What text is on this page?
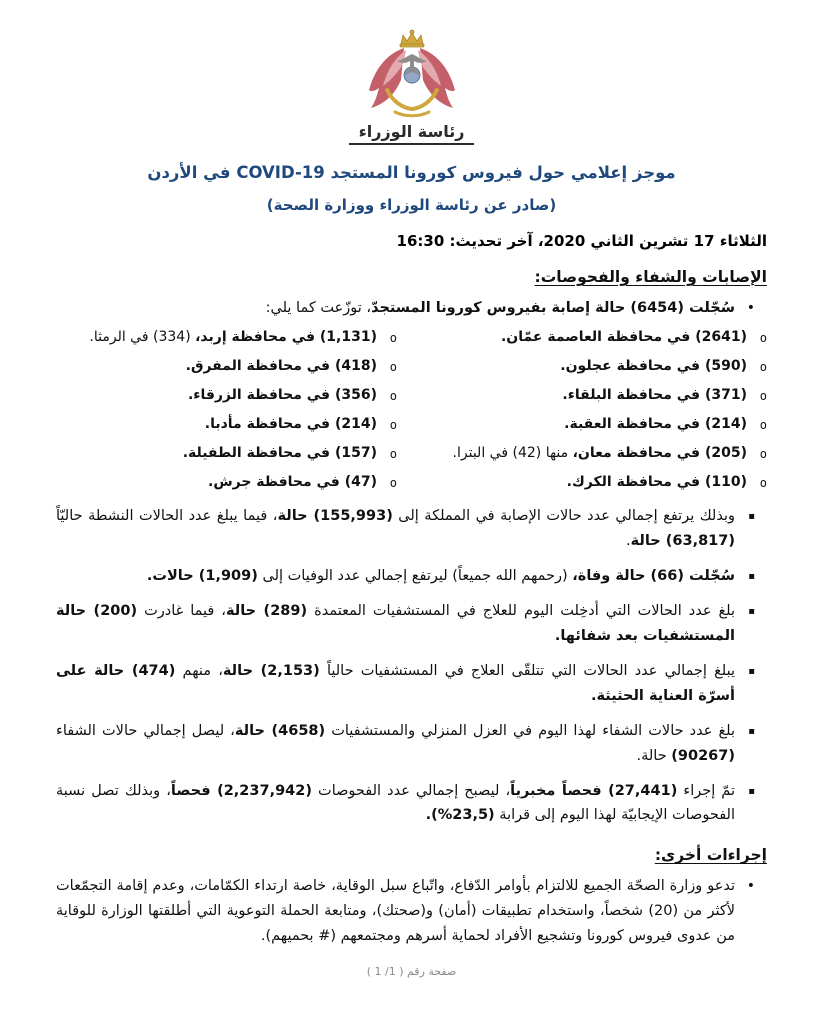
رئاسة الوزراء
موجز إعلامي حول فيروس كورونا المستجد COVID-19 في الأردن
(صادر عن رئاسة الوزراء ووزارة الصحة)
الثلاثاء 17 تشرين الثاني 2020، آخر تحديث: 16:30
الإصابات والشفاء والفحوصات:
•
سُجّلت (6454) حالة إصابة بفيروس كورونا المستجدّ، توزّعت كما يلي:
o
(2641) في محافظة العاصمة عمّان.
o
(1,131) في محافظة إربد، (334) في الرمثا.
o
(590) في محافظة عجلون.
o
(418) في محافظة المفرق.
o
(371) في محافظة البلقاء.
o
(356) في محافظة الزرقاء.
o
(214) في محافظة العقبة.
o
(214) في محافظة مأدبا.
o
(205) في محافظة معان، منها (42) في البترا.
o
(157) في محافظة الطفيلة.
o
(110) في محافظة الكرك.
o
(47) في محافظة جرش.
▪
وبذلك يرتفع إجمالي عدد حالات الإصابة في المملكة إلى (155,993) حالة، فيما يبلغ عدد الحالات النشطة حاليّاً (63,817) حالة.
▪
سُجّلت (66) حالة وفاة، (رحمهم الله جميعاً) ليرتفع إجمالي عدد الوفيات إلى (1,909) حالات.
▪
بلغ عدد الحالات التي أدخِلت اليوم للعلاج في المستشفيات المعتمدة (289) حالة، فيما غادرت (200) حالة المستشفيات بعد شفائها.
▪
يبلغ إجمالي عدد الحالات التي تتلقّى العلاج في المستشفيات حالياً (2,153) حالة، منهم (474) حالة على أسرّة العناية الحثيثة.
▪
بلغ عدد حالات الشفاء لهذا اليوم في العزل المنزلي والمستشفيات (4658) حالة، ليصل إجمالي حالات الشفاء (90267) حالة.
▪
تمّ إجراء (27,441) فحصاً مخبرياً، ليصبح إجمالي عدد الفحوصات (2,237,942) فحصاً، وبذلك تصل نسبة الفحوصات الإيجابيّة لهذا اليوم إلى قرابة (23,5%).
إجراءات أخرى:
•
تدعو وزارة الصحّة الجميع للالتزام بأوامر الدّفاع، واتّباع سبل الوقاية، خاصة ارتداء الكمّامات، وعدم إقامة التجمّعات لأكثر من (20) شخصاً، واستخدام تطبيقات (أمان) و(صحتك)، ومتابعة الحملة التوعوية التي أطلقتها الوزارة للوقاية من عدوى فيروس كورونا وتشجيع الأفراد لحماية أسرهم ومجتمعهم (# بحميهم).
صفحة رقم ( 1/ 1 )
